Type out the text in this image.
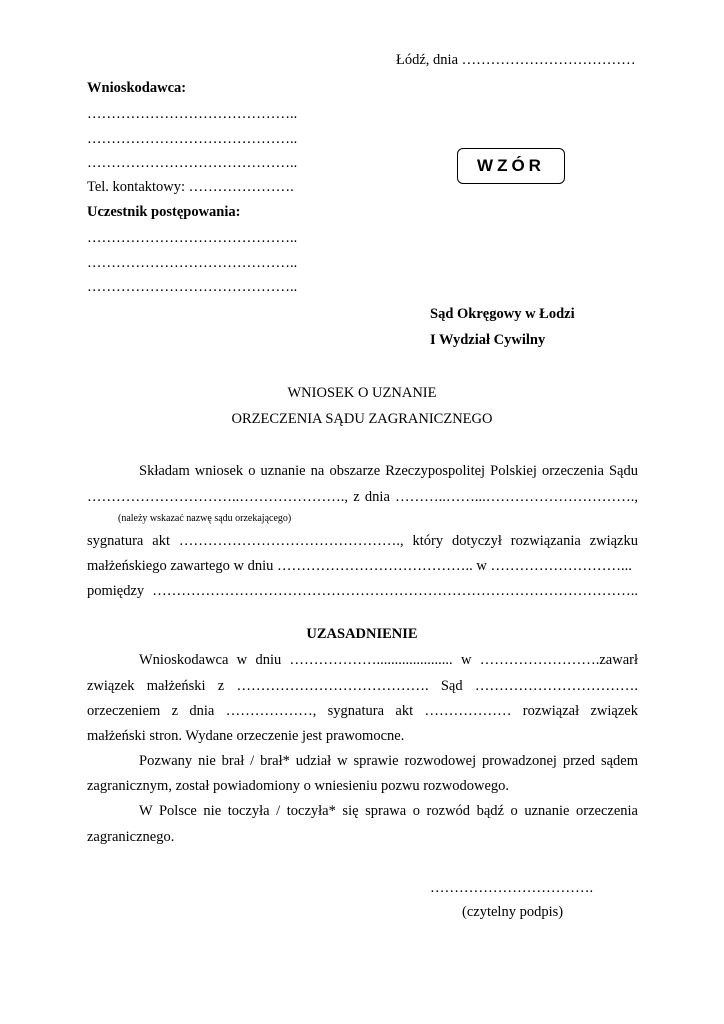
Łódź, dnia ………………………………
Wnioskodawca:
……………………………………..
……………………………………..
……………………………………..
Tel. kontaktowy: ………………….
WZÓR
Uczestnik postępowania:
……………………………………..
……………………………………..
……………………………………..
Sąd Okręgowy w Łodzi
I Wydział Cywilny
WNIOSEK O UZNANIE
ORZECZENIA SĄDU ZAGRANICZNEGO
Składam wniosek o uznanie na obszarze Rzeczypospolitej Polskiej orzeczenia Sądu
…………………………..…………………., z dnia ………..……...………………………….,
(należy wskazać nazwę sądu orzekającego)
sygnatura akt ………………………………………., który dotyczył rozwiązania związku
małżeńskiego zawartego w dniu ………………………………….. w ………………………...
pomiędzy ………………………………………………………………………………………..
UZASADNIENIE
Wnioskodawca w dniu ………………..................... w …………………….zawarł
związek małżeński z …………………………………. Sąd …………………………….
orzeczeniem z dnia ………………, sygnatura akt ……………… rozwiązał związek
małżeński stron. Wydane orzeczenie jest prawomocne.
Pozwany nie brał / brał* udział w sprawie rozwodowej prowadzonej przed sądem
zagranicznym, został powiadomiony o wniesieniu pozwu rozwodowego.
W Polsce nie toczyła / toczyła* się sprawa o rozwód bądź o uznanie orzeczenia
zagranicznego.
…………………………….
(czytelny podpis)
